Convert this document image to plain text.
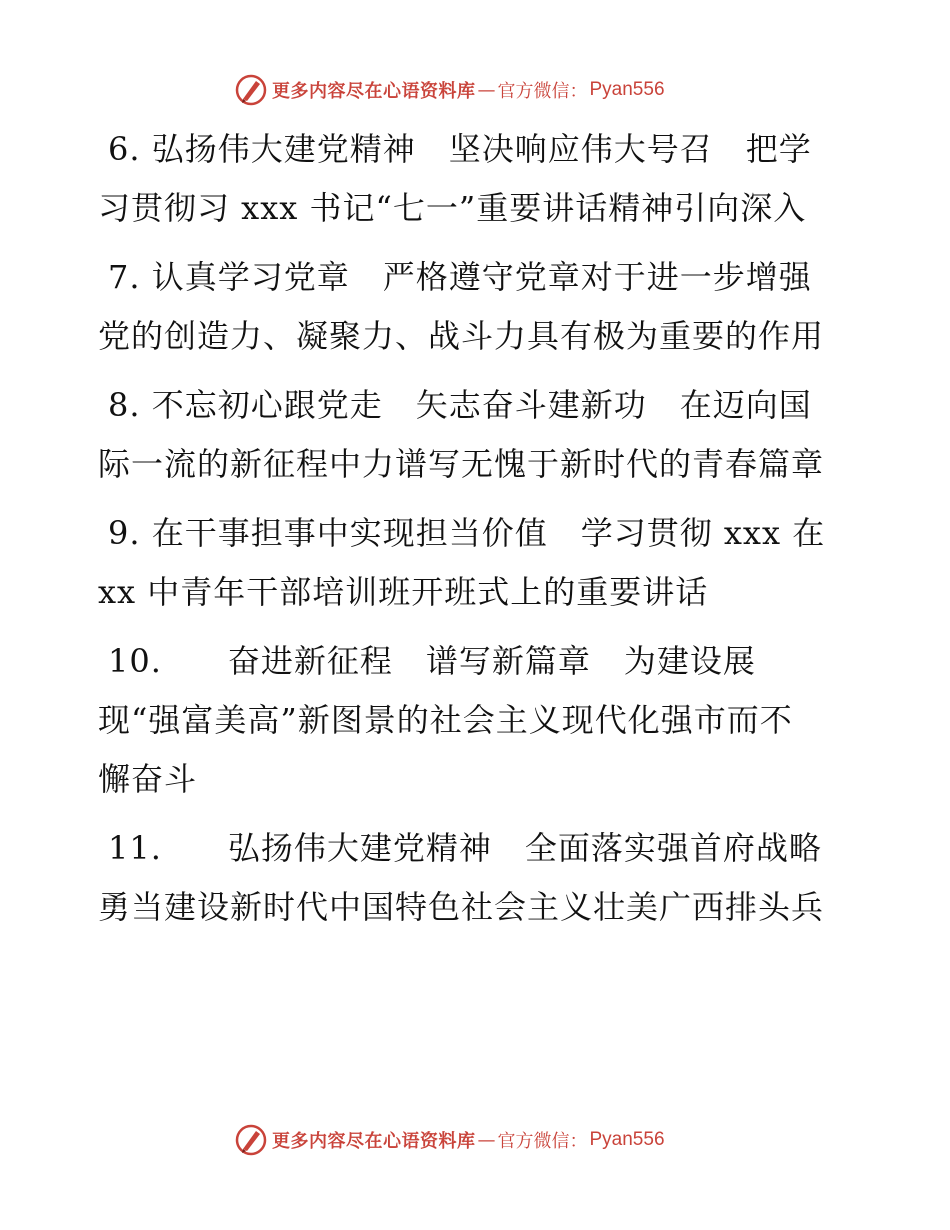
更多内容尽在心语资料库 — 官方微信： Pyan556
6. 弘扬伟大建党精神　坚决响应伟大号召　把学
习贯彻习 xxx 书记“七一”重要讲话精神引向深入
7. 认真学习党章　严格遵守党章对于进一步增强
党的创造力、凝聚力、战斗力具有极为重要的作用
8. 不忘初心跟党走　矢志奋斗建新功　在迈向国
际一流的新征程中力谱写无愧于新时代的青春篇章
9. 在干事担事中实现担当价值　学习贯彻 xxx 在
xx 中青年干部培训班开班式上的重要讲话
10.　　奋进新征程　谱写新篇章　为建设展
现“强富美高”新图景的社会主义现代化强市而不
懈奋斗
11.　　弘扬伟大建党精神　全面落实强首府战略
勇当建设新时代中国特色社会主义壮美广西排头兵
更多内容尽在心语资料库 — 官方微信： Pyan556
